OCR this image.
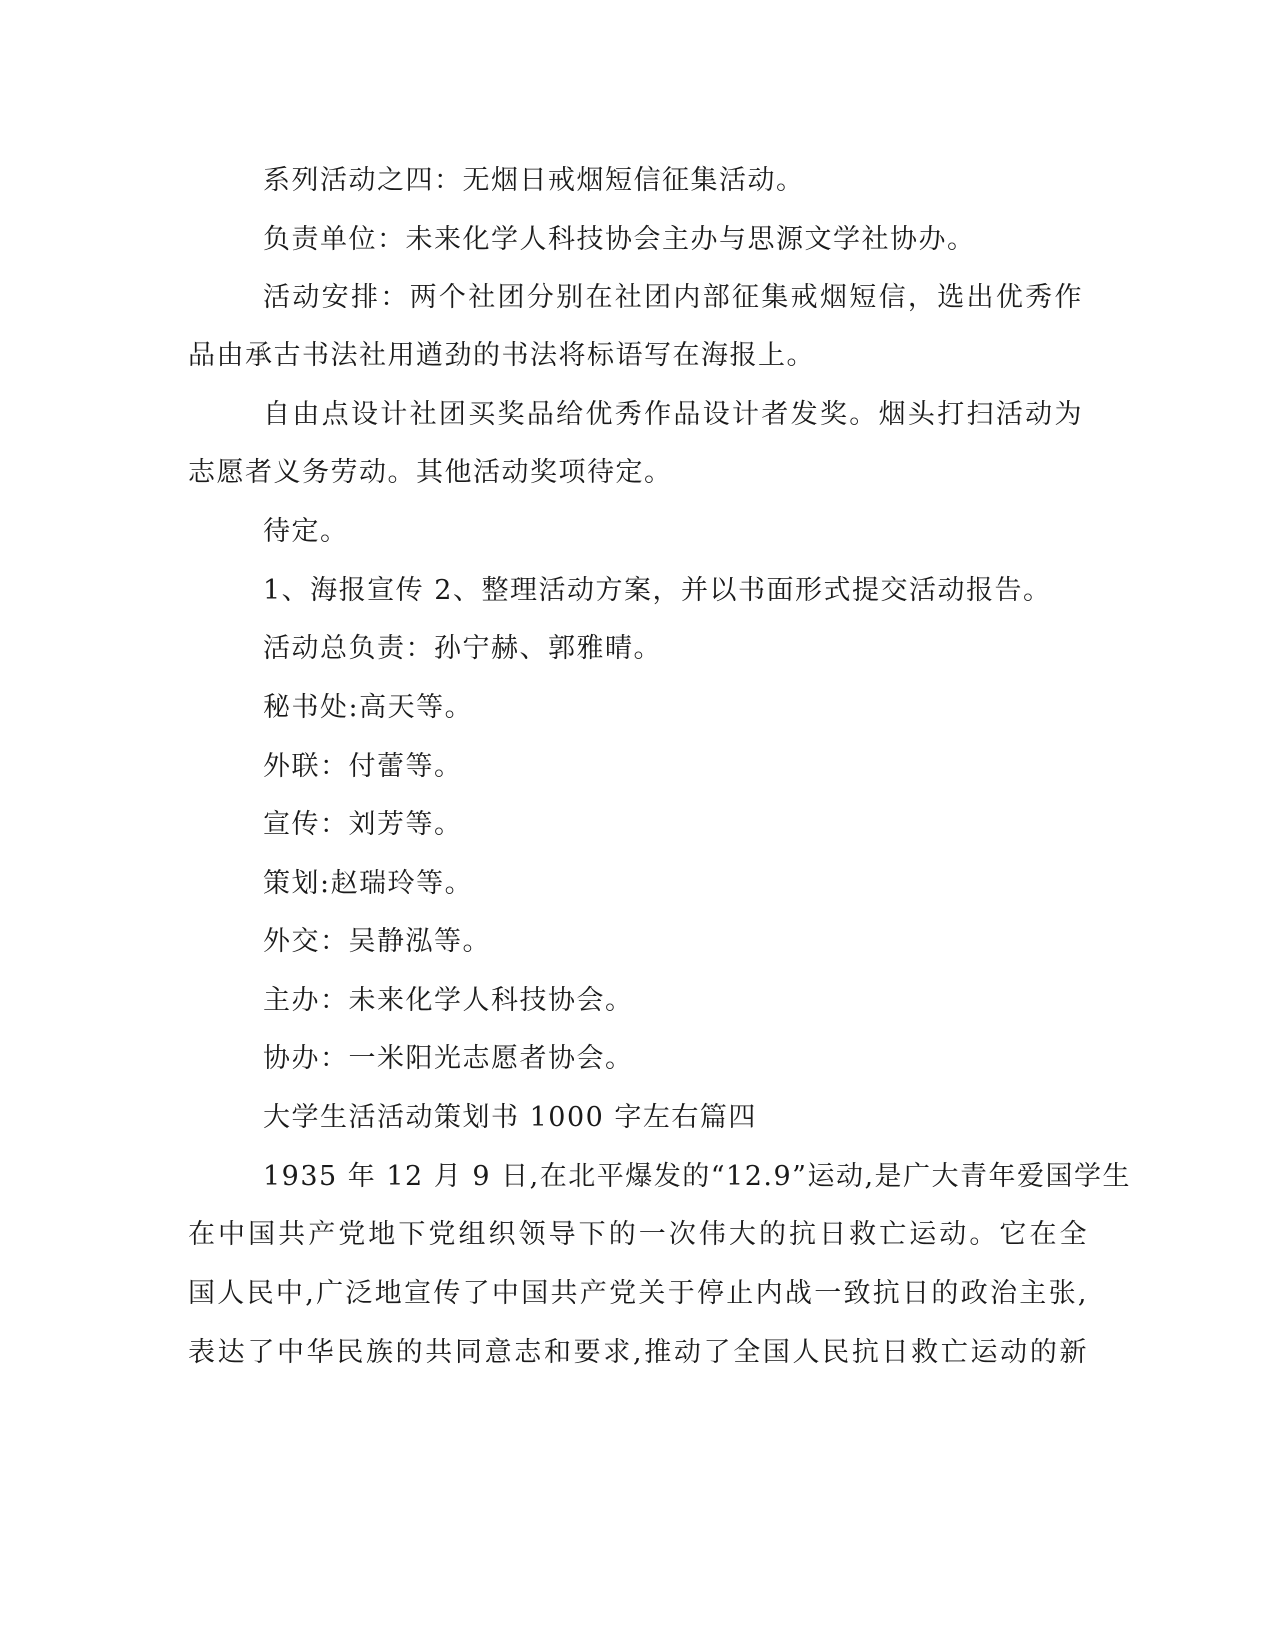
系列活动之四：无烟日戒烟短信征集活动。

负责单位：未来化学人科技协会主办与思源文学社协办。

活动安排：两个社团分别在社团内部征集戒烟短信，选出优秀作

品由承古书法社用遒劲的书法将标语写在海报上。

自由点设计社团买奖品给优秀作品设计者发奖。烟头打扫活动为

志愿者义务劳动。其他活动奖项待定。

待定。

1、海报宣传 2、整理活动方案，并以书面形式提交活动报告。

活动总负责：孙宁赫、郭雅晴。

秘书处:高天等。

外联：付蕾等。

宣传：刘芳等。

策划:赵瑞玲等。

外交：吴静泓等。

主办：未来化学人科技协会。

协办：一米阳光志愿者协会。

大学生活活动策划书 1000 字左右篇四

1935 年 12 月 9 日,在北平爆发的“12.9”运动,是广大青年爱国学生

在中国共产党地下党组织领导下的一次伟大的抗日救亡运动。它在全

国人民中,广泛地宣传了中国共产党关于停止内战一致抗日的政治主张,

表达了中华民族的共同意志和要求,推动了全国人民抗日救亡运动的新
